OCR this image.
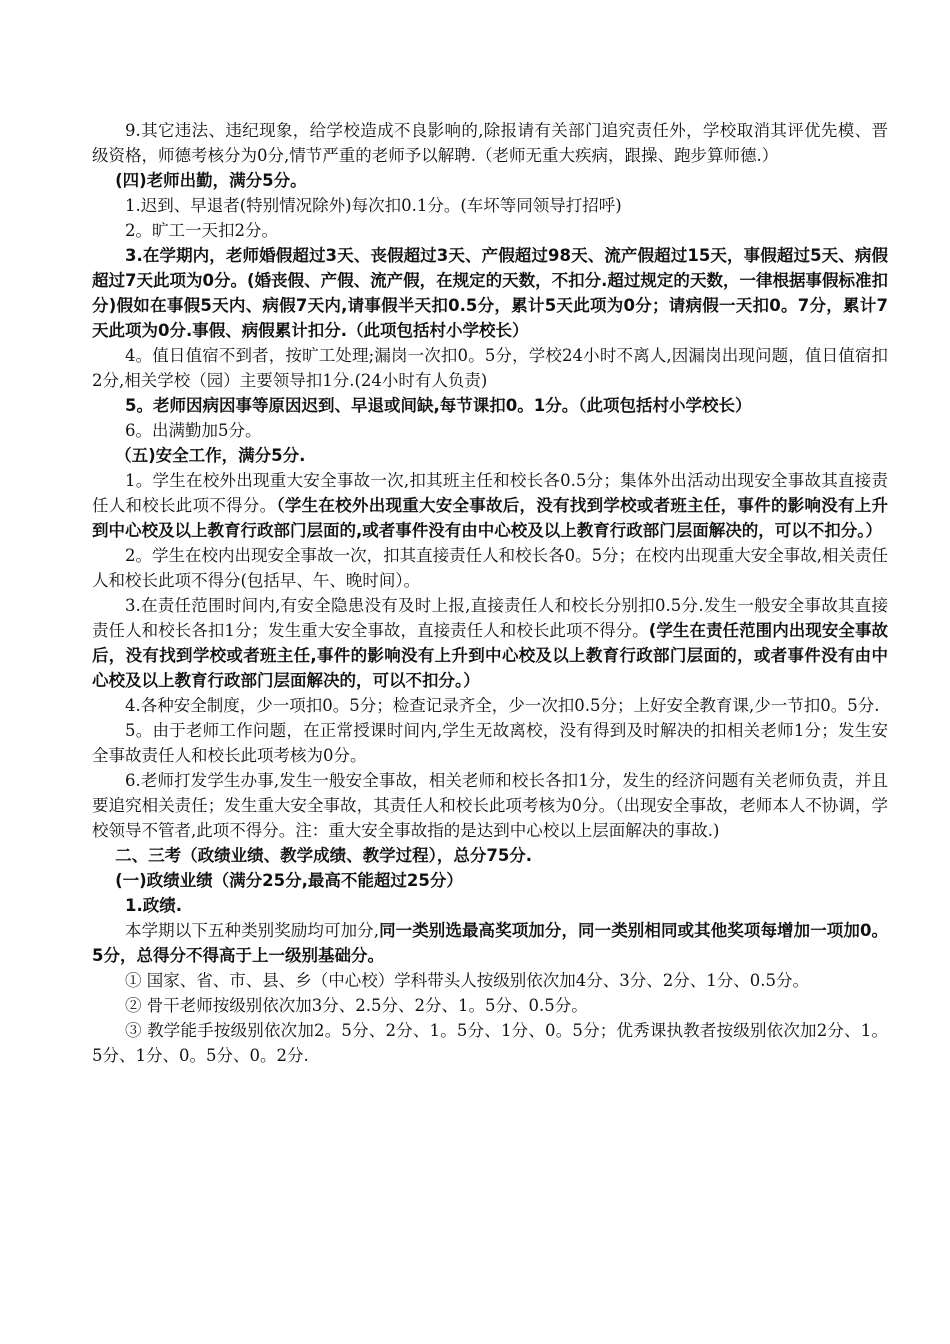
9.其它违法、违纪现象，给学校造成不良影响的,除报请有关部门追究责任外，学校取消其评优先模、晋级资格，师德考核分为0分,情节严重的老师予以解聘.（老师无重大疾病，跟操、跑步算师德.）

(四)老师出勤，满分5分。

1.迟到、早退者(特别情况除外)每次扣0.1分。(车坏等同领导打招呼)

2。旷工一天扣2分。

3.在学期内，老师婚假超过3天、丧假超过3天、产假超过98天、流产假超过15天，事假超过5天、病假超过7天此项为0分。(婚丧假、产假、流产假，在规定的天数，不扣分.超过规定的天数，一律根据事假标准扣分)假如在事假5天内、病假7天内,请事假半天扣0.5分，累计5天此项为0分；请病假一天扣0。7分，累计7天此项为0分.事假、病假累计扣分.（此项包括村小学校长）

4。值日值宿不到者，按旷工处理;漏岗一次扣0。5分，学校24小时不离人,因漏岗出现问题，值日值宿扣2分,相关学校（园）主要领导扣1分.(24小时有人负责)

5。老师因病因事等原因迟到、早退或间缺,每节课扣0。1分。（此项包括村小学校长）

6。出满勤加5分。

（五)安全工作，满分5分.

1。学生在校外出现重大安全事故一次,扣其班主任和校长各0.5分；集体外出活动出现安全事故其直接责任人和校长此项不得分。（学生在校外出现重大安全事故后，没有找到学校或者班主任，事件的影响没有上升到中心校及以上教育行政部门层面的,或者事件没有由中心校及以上教育行政部门层面解决的，可以不扣分。）

2。学生在校内出现安全事故一次，扣其直接责任人和校长各0。5分；在校内出现重大安全事故,相关责任人和校长此项不得分(包括早、午、晚时间）。

3.在责任范围时间内,有安全隐患没有及时上报,直接责任人和校长分别扣0.5分.发生一般安全事故其直接责任人和校长各扣1分；发生重大安全事故，直接责任人和校长此项不得分。(学生在责任范围内出现安全事故后，没有找到学校或者班主任,事件的影响没有上升到中心校及以上教育行政部门层面的，或者事件没有由中心校及以上教育行政部门层面解决的，可以不扣分。）

4.各种安全制度，少一项扣0。5分；检查记录齐全，少一次扣0.5分；上好安全教育课,少一节扣0。5分.

5。由于老师工作问题，在正常授课时间内,学生无故离校，没有得到及时解决的扣相关老师1分；发生安全事故责任人和校长此项考核为0分。

6.老师打发学生办事,发生一般安全事故，相关老师和校长各扣1分，发生的经济问题有关老师负责，并且要追究相关责任；发生重大安全事故，其责任人和校长此项考核为0分。（出现安全事故，老师本人不协调，学校领导不管者,此项不得分。注：重大安全事故指的是达到中心校以上层面解决的事故.)

二、三考（政绩业绩、教学成绩、教学过程），总分75分.

(一)政绩业绩（满分25分,最高不能超过25分）

1.政绩.

本学期以下五种类别奖励均可加分,同一类别选最高奖项加分，同一类别相同或其他奖项每增加一项加0。5分，总得分不得高于上一级别基础分。

① 国家、省、市、县、乡（中心校）学科带头人按级别依次加4分、3分、2分、1分、0.5分。

② 骨干老师按级别依次加3分、2.5分、2分、1。5分、0.5分。

③ 教学能手按级别依次加2。5分、2分、1。5分、1分、0。5分；优秀课执教者按级别依次加2分、1。5分、1分、0。5分、0。2分.
